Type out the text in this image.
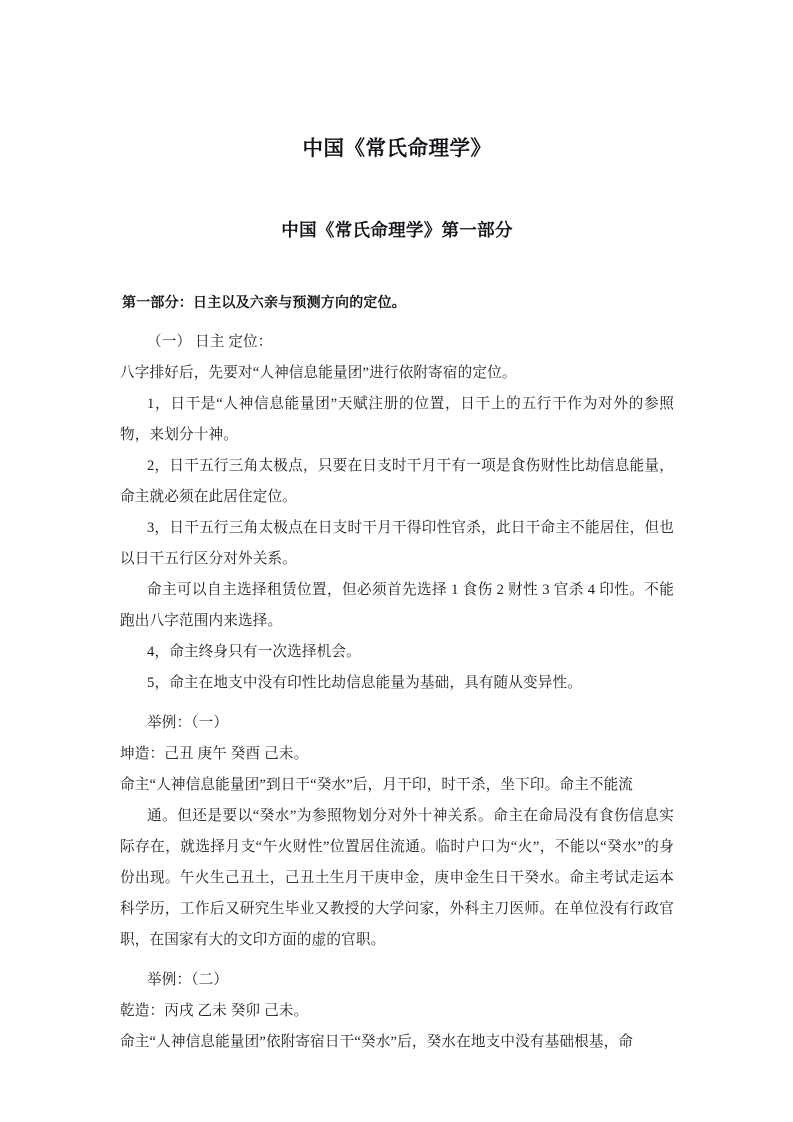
中国《常氏命理学》
中国《常氏命理学》第一部分
第一部分：日主以及六亲与预测方向的定位。

（一） 日主 定位：

八字排好后，先要对“人神信息能量团”进行依附寄宿的定位。

1，日干是“人神信息能量团”天赋注册的位置，日干上的五行干作为对外的参照物，来划分十神。

2，日干五行三角太极点，只要在日支时干月干有一项是食伤财性比劫信息能量，命主就必须在此居住定位。

3，日干五行三角太极点在日支时干月干得印性官杀，此日干命主不能居住，但也以日干五行区分对外关系。

命主可以自主选择租赁位置，但必须首先选择 1 食伤 2 财性 3 官杀 4 印性。不能跑出八字范围内来选择。

4，命主终身只有一次选择机会。

5，命主在地支中没有印性比劫信息能量为基础，具有随从变异性。

举例：（一）

坤造：己丑 庚午 癸酉 己未。

命主“人神信息能量团”到日干“癸水”后，月干印，时干杀，坐下印。命主不能流

通。但还是要以“癸水”为参照物划分对外十神关系。命主在命局没有食伤信息实际存在，就选择月支“午火财性”位置居住流通。临时户口为“火”，不能以“癸水”的身份出现。午火生己丑土，己丑土生月干庚申金，庚申金生日干癸水。命主考试走运本科学历，工作后又研究生毕业又教授的大学问家，外科主刀医师。在单位没有行政官职，在国家有大的文印方面的虚的官职。

举例：（二）

乾造：丙戌 乙未 癸卯 己未。

命主“人神信息能量团”依附寄宿日干“癸水”后，癸水在地支中没有基础根基，命
